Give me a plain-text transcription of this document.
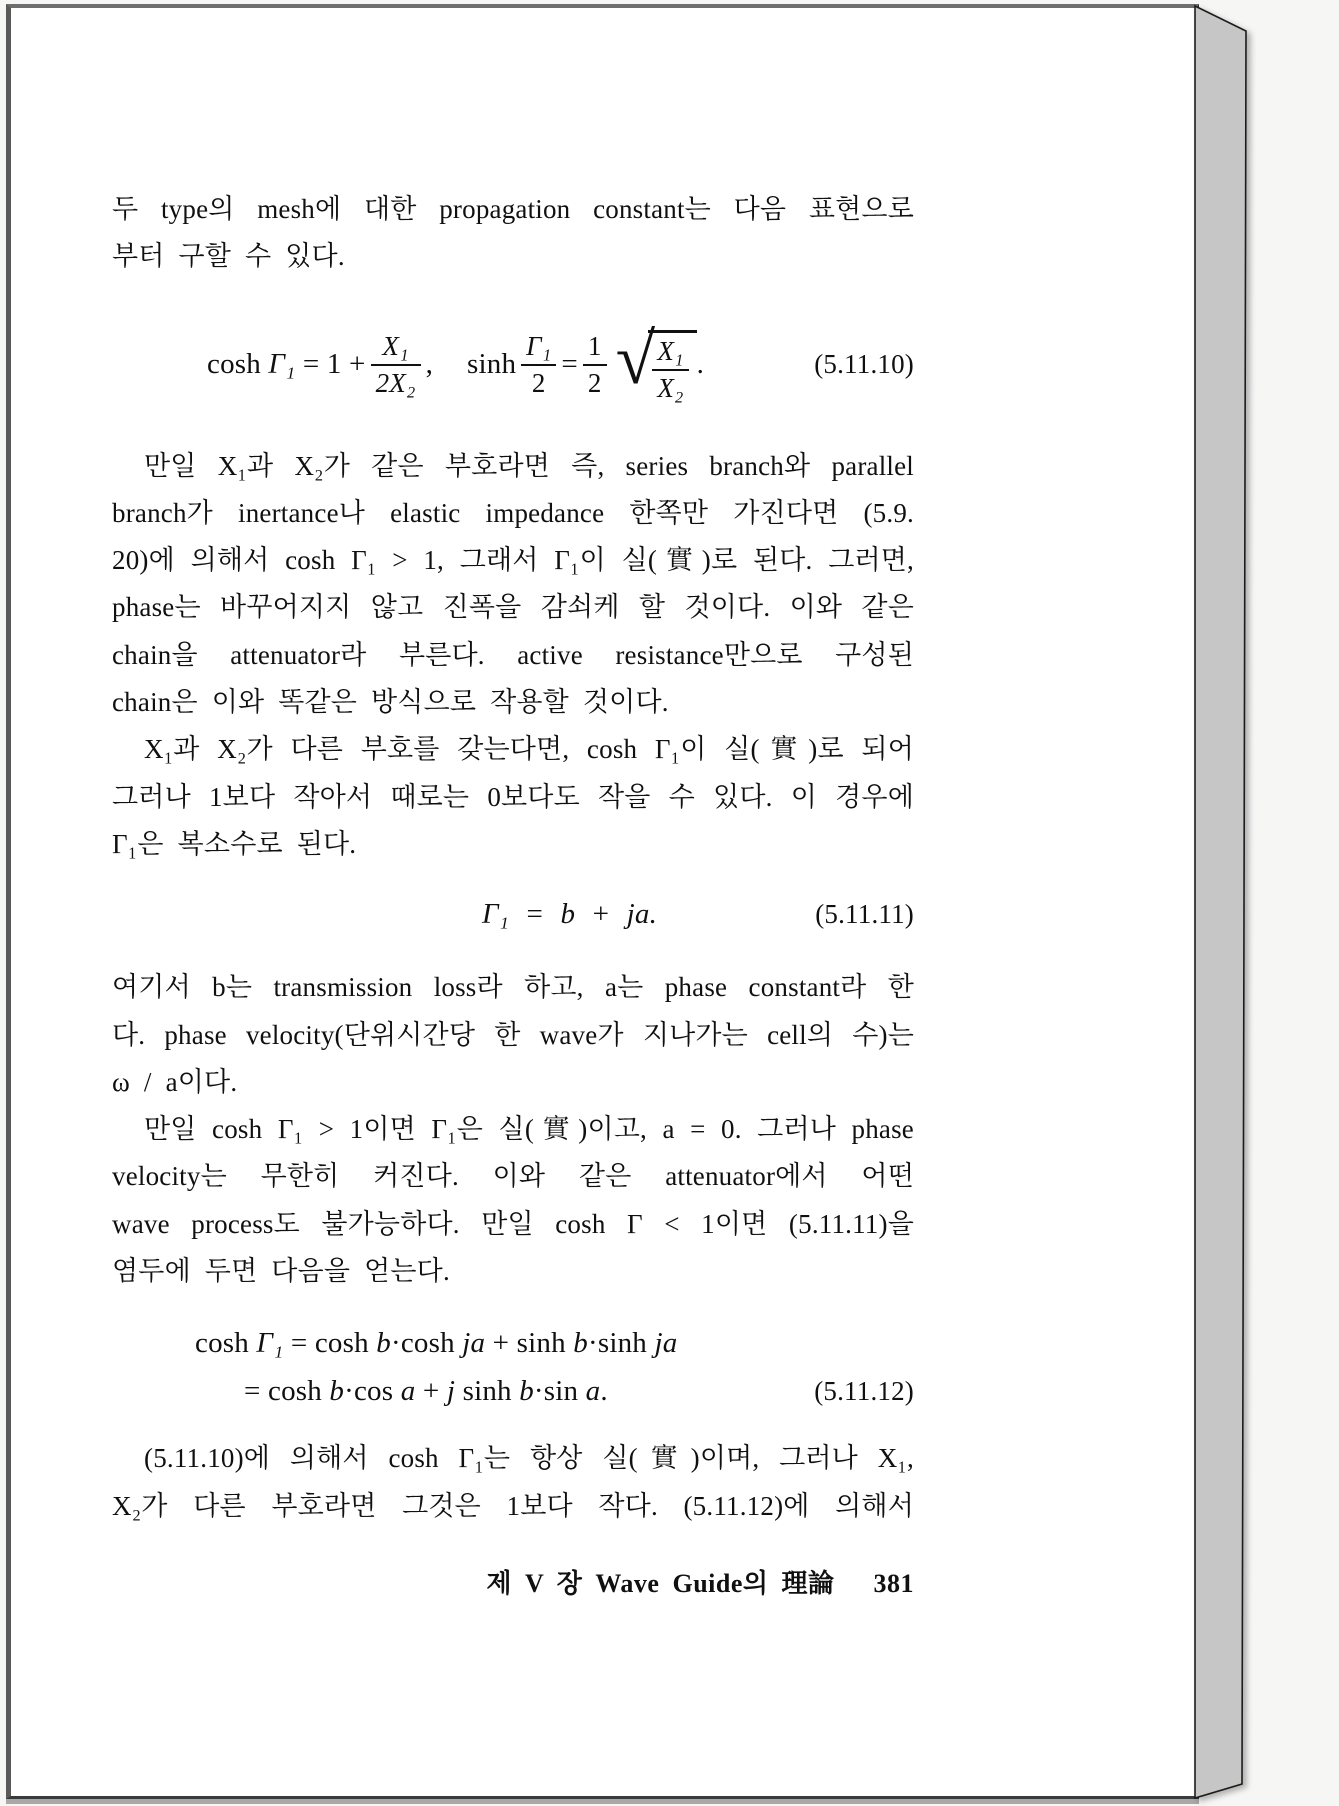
두 type의 mesh에 대한 propagation constant는 다음 표현으로
부터 구할 수 있다.
cosh
Γ₁
= $1 + \frac{\text{X₁}}{\text{2X₂}}$ , $\sinh \frac{\text{Γ₁}}{2} = \frac{1}{2}$ √
$\frac{\text{X₁}}{\text{X₂}}$ .	(5.11.10)
만일 X₁과 X₂가 같은 부호라면 즉, series branch와 parallel
branch가 inertance나 elastic impedance 한쪽만 가진다면 (5.9.
20)에 의해서 cosh Γ₁ > 1, 그래서 Γ₁이 실(實)로 된다. 그러면,
phase는 바꾸어지지 않고 진폭을 감쇠케 할 것이다. 이와 같은
chain을 attenuator라 부른다. active resistance만으로 구성된
chain은 이와 똑같은 방식으로 작용할 것이다.
X₁과 X₂가 다른 부호를 갖는다면, cosh Γ₁이 실(實)로 되어
그러나 1보다 작아서 때로는 0보다도 작을 수 있다. 이 경우에
Γ₁은 복소수로 된다.
Γ₁ = b + ja.	(5.11.11)
여기서 b는 transmission loss라 하고, a는 phase constant라 한
다. phase velocity(단위시간당 한 wave가 지나가는 cell의 수)는
ω / a이다.
만일 cosh Γ₁ > 1이면 Γ₁은 실(實)이고, a = 0. 그러나 phase
velocity는 무한히 커진다. 이와 같은 attenuator에서 어떤
wave process도 불가능하다. 만일 cosh Γ < 1이면 (5.11.11)을
염두에 두면 다음을 얻는다.
cosh Γ₁ = cosh b·cosh ja + sinh b·sinh ja
= cosh b·cos a + j sinh b·sin a.	(5.11.12)
(5.11.10)에 의해서 cosh Γ₁는 항상 실(實)이며, 그러나 X₁,
X₂가 다른 부호라면 그것은 1보다 작다. (5.11.12)에 의해서
제 V 장 Wave Guide의 理論 381
